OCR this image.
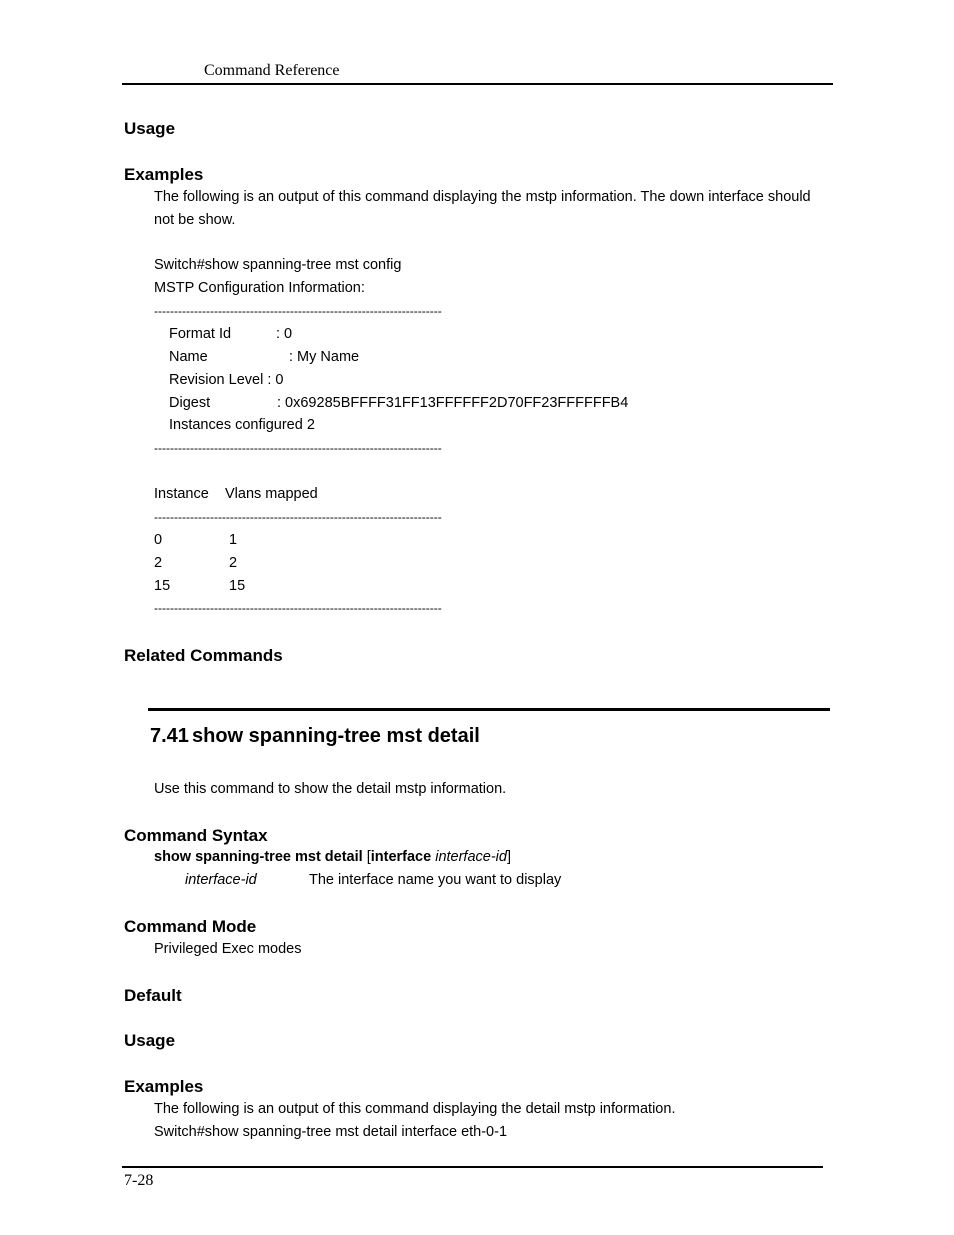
Command Reference
Usage
Examples
The following is an output of this command displaying the mstp information. The down interface should
not be show.
Switch#show spanning-tree mst config
MSTP Configuration Information:
------------------------------------------------------------------------
Format Id	: 0
Name	: My Name
Revision Level : 0
Digest	: 0x69285BFFFF31FF13FFFFFF2D70FF23FFFFFFB4
Instances configured 2
------------------------------------------------------------------------
Instance Vlans mapped
------------------------------------------------------------------------
0	1
2	2
15	15
------------------------------------------------------------------------
Related Commands
7.41 show spanning-tree mst detail
Use this command to show the detail mstp information.
Command Syntax
show spanning-tree mst detail [interface interface-id]
interface-id	The interface name you want to display
Command Mode
Privileged Exec modes
Default
Usage
Examples
The following is an output of this command displaying the detail mstp information.
Switch#show spanning-tree mst detail interface eth-0-1
7-28
